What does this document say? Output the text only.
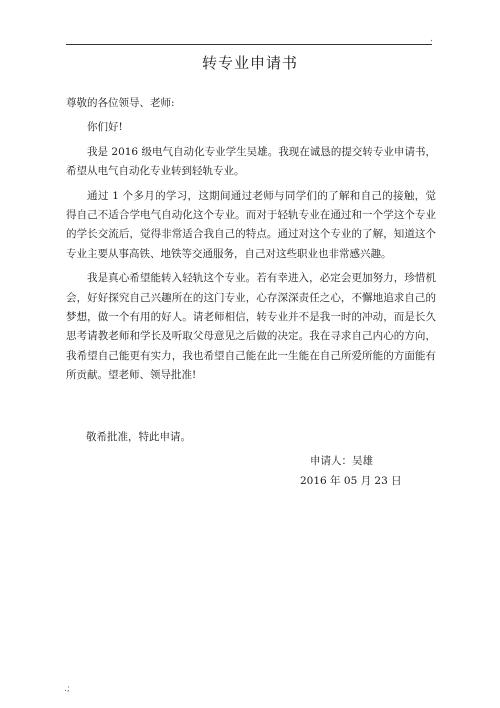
.
转专业申请书

尊敬的各位领导、老师:

你们好!

我是 2016 级电气自动化专业学生吴雄。我现在诚恳的提交转专业申请书，希望从电气自动化专业转到轻轨专业。

通过 1 个多月的学习，这期间通过老师与同学们的了解和自己的接触，觉得自己不适合学电气自动化这个专业。而对于轻轨专业在通过和一个学这个专业的学长交流后，觉得非常适合我自己的特点。通过对这个专业的了解，知道这个专业主要从事高铁、地铁等交通服务，自己对这些职业也非常感兴趣。

我是真心希望能转入轻轨这个专业。若有幸进入，必定会更加努力，珍惜机会，好好探究自己兴趣所在的这门专业，心存深深责任之心，不懈地追求自己的梦想，做一个有用的好人。请老师相信，转专业并不是我一时的冲动，而是长久思考请教老师和学长及听取父母意见之后做的决定。我在寻求自己内心的方向，我希望自己能更有实力，我也希望自己能在此一生能在自己所爱所能的方面能有所贡献。望老师、领导批准!

敬希批准，特此申请。
申请人：吴雄
2016 年 05 月 23 日
.;
